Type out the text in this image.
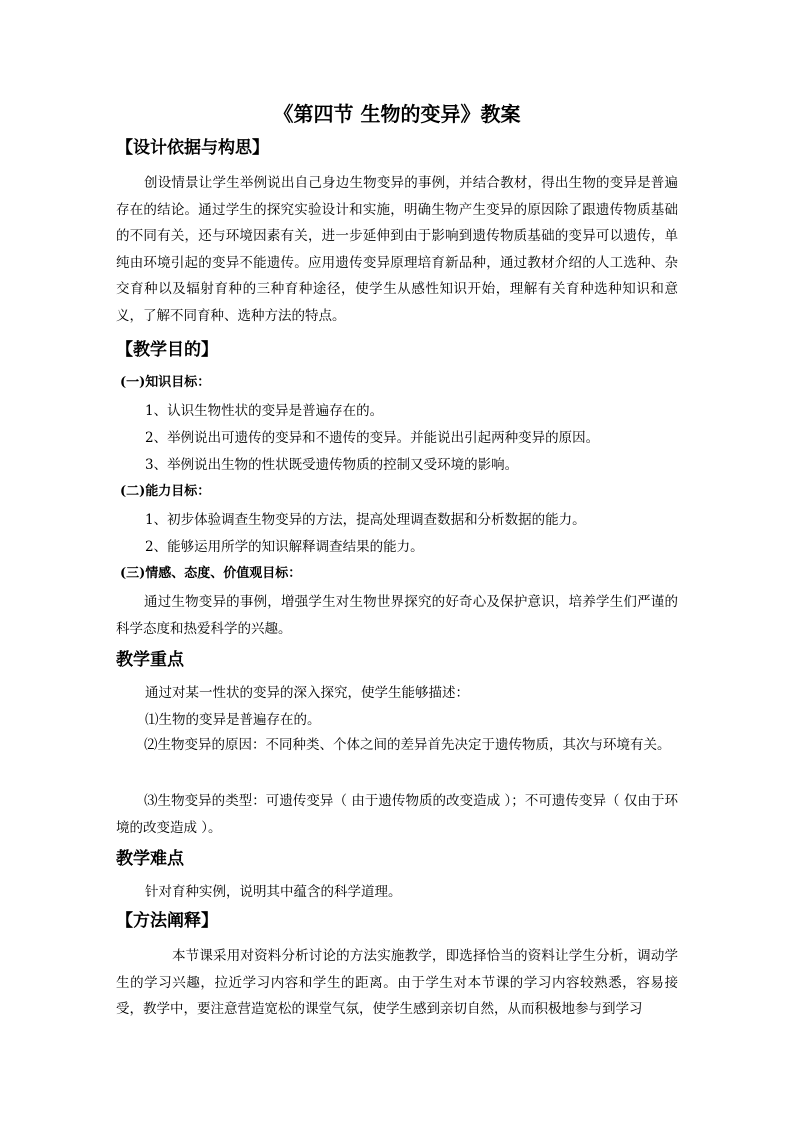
《第四节 生物的变异》教案
【设计依据与构思】
创设情景让学生举例说出自己身边生物变异的事例，并结合教材，得出生物的变异是普遍存在的结论。通过学生的探究实验设计和实施，明确生物产生变异的原因除了跟遗传物质基础的不同有关，还与环境因素有关，进一步延伸到由于影响到遗传物质基础的变异可以遗传，单纯由环境引起的变异不能遗传。应用遗传变异原理培育新品种，通过教材介绍的人工选种、杂交育种以及辐射育种的三种育种途径，使学生从感性知识开始，理解有关育种选种知识和意义，了解不同育种、选种方法的特点。
【教学目的】
(一)知识目标：
1、认识生物性状的变异是普遍存在的。
2、举例说出可遗传的变异和不遗传的变异。并能说出引起两种变异的原因。
3、举例说出生物的性状既受遗传物质的控制又受环境的影响。
(二)能力目标：
1、初步体验调查生物变异的方法，提高处理调查数据和分析数据的能力。
2、能够运用所学的知识解释调查结果的能力。
(三)情感、态度、价值观目标：
通过生物变异的事例，增强学生对生物世界探究的好奇心及保护意识，培养学生们严谨的科学态度和热爱科学的兴趣。
教学重点
通过对某一性状的变异的深入探究，使学生能够描述：
⑴生物的变异是普遍存在的。
⑵生物变异的原因：不同种类、个体之间的差异首先决定于遗传物质，其次与环境有关。
⑶生物变异的类型：可遗传变异（ 由于遗传物质的改变造成 ）；不可遗传变异（ 仅由于环境的改变造成 ）。
教学难点
针对育种实例，说明其中蕴含的科学道理。
【方法阐释】
本节课采用对资料分析讨论的方法实施教学，即选择恰当的资料让学生分析，调动学生的学习兴趣，拉近学习内容和学生的距离。由于学生对本节课的学习内容较熟悉，容易接受，教学中，要注意营造宽松的课堂气氛，使学生感到亲切自然，从而积极地参与到学习
